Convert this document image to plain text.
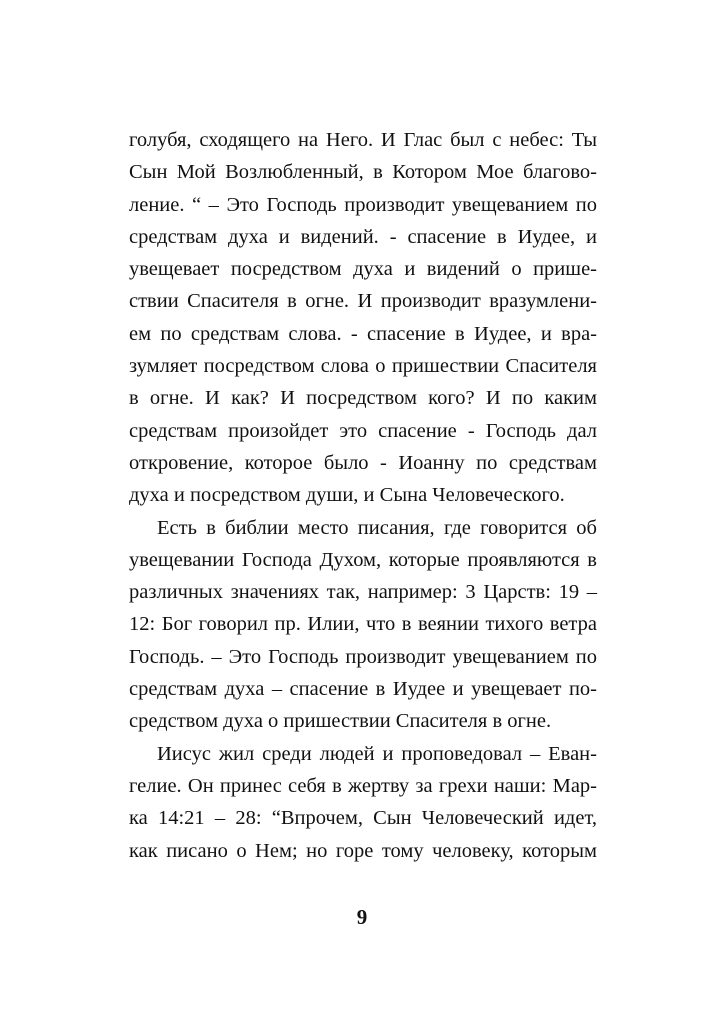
голубя, сходящего на Него. И Глас был с небес: Ты
Сын Мой Возлюбленный, в Котором Мое благово-
ление. “ – Это Господь производит увещеванием по
средствам духа и видений. - спасение в Иудее, и
увещевает посредством духа и видений о прише-
ствии Спасителя в огне. И производит вразумлени-
ем по средствам слова. - спасение в Иудее, и вра-
зумляет посредством слова о пришествии Спасителя
в огне. И как? И посредством кого? И по каким
средствам произойдет это спасение - Господь дал
откровение, которое было - Иоанну по средствам
духа и посредством души, и Сына Человеческого.
Есть в библии место писания, где говорится об
увещевании Господа Духом, которые проявляются в
различных значениях так, например: 3 Царств: 19 –
12: Бог говорил пр. Илии, что в веянии тихого ветра
Господь. – Это Господь производит увещеванием по
средствам духа – спасение в Иудее и увещевает по-
средством духа о пришествии Спасителя в огне.
Иисус жил среди людей и проповедовал – Еван-
гелие. Он принес себя в жертву за грехи наши: Мар-
ка 14:21 – 28: “Впрочем, Сын Человеческий идет,
как писано о Нем; но горе тому человеку, которым
9
